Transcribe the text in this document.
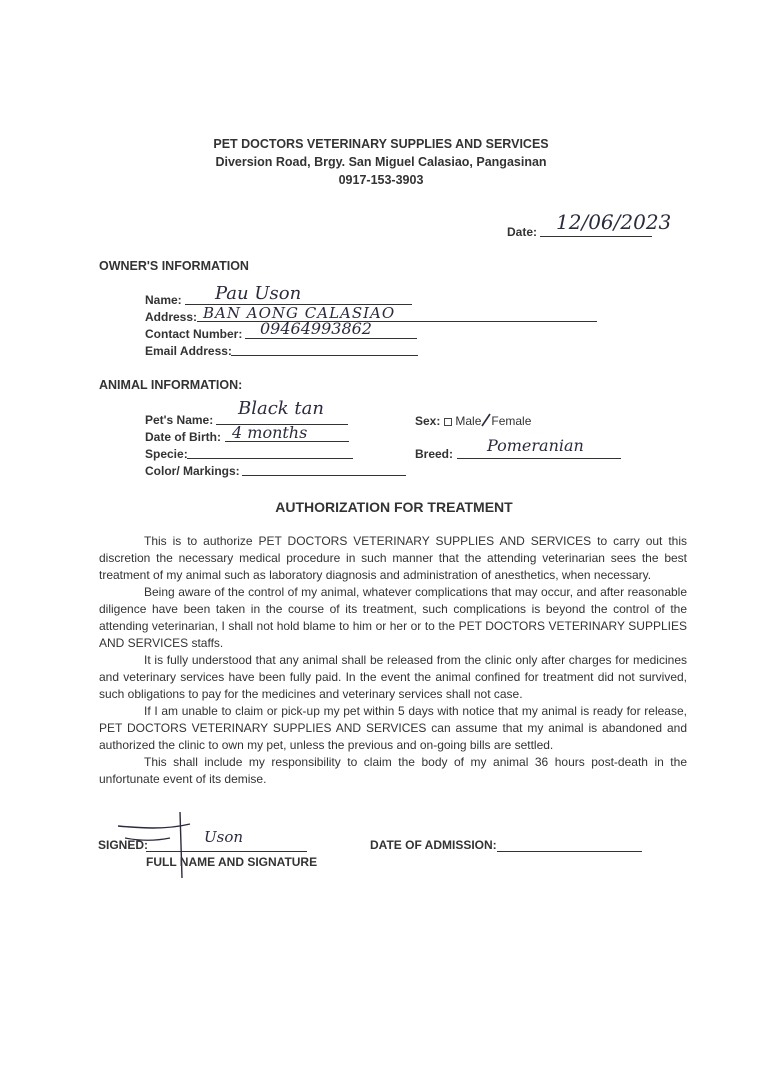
PET DOCTORS VETERINARY SUPPLIES AND SERVICES
Diversion Road, Brgy. San Miguel Calasiao, Pangasinan
0917-153-3903
Date: 12/06/2023
OWNER'S INFORMATION
Name: Pau Uson
Address: BAN AONG CALASIAO
Contact Number: 09464993862
Email Address:
ANIMAL INFORMATION:
Pet's Name:
Black tan
Date of Birth: 4 months
Specie:
Color/ Markings:
Sex: Male Female
Breed: Pomeranian
AUTHORIZATION FOR TREATMENT

This is to authorize PET DOCTORS VETERINARY SUPPLIES AND SERVICES to carry out this discretion the necessary medical procedure in such manner that the attending veterinarian sees the best treatment of my animal such as laboratory diagnosis and administration of anesthetics, when necessary.

Being aware of the control of my animal, whatever complications that may occur, and after reasonable diligence have been taken in the course of its treatment, such complications is beyond the control of the attending veterinarian, I shall not hold blame to him or her or to the PET DOCTORS VETERINARY SUPPLIES AND SERVICES staffs.

It is fully understood that any animal shall be released from the clinic only after charges for medicines and veterinary services have been fully paid. In the event the animal confined for treatment did not survived, such obligations to pay for the medicines and veterinary services shall not case.

If I am unable to claim or pick-up my pet within 5 days with notice that my animal is ready for release, PET DOCTORS VETERINARY SUPPLIES AND SERVICES can assume that my animal is abandoned and authorized the clinic to own my pet, unless the previous and on-going bills are settled.

This shall include my responsibility to claim the body of my animal 36 hours post-death in the unfortunate event of its demise.

SIGNED:	Uson
FULL NAME AND SIGNATURE
DATE OF ADMISSION:
